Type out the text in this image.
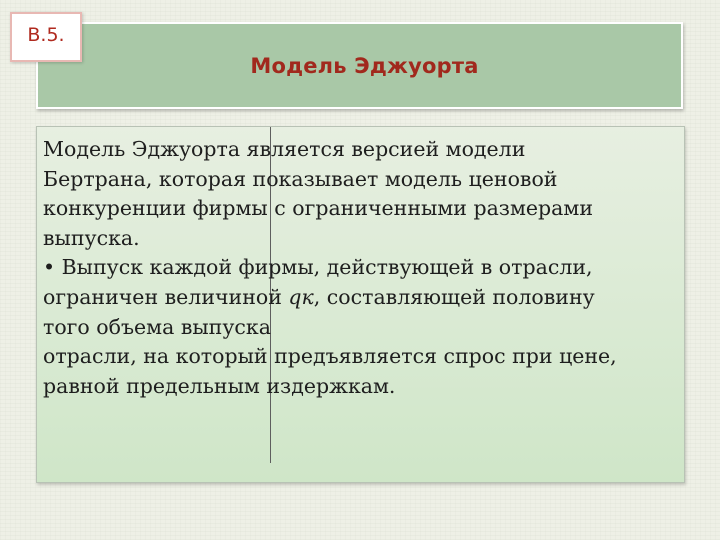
Модель Эджуорта
В.5.
Модель Эджуорта является версией модели
Бертрана, которая показывает модель ценовой
конкуренции фирмы с ограниченными размерами
выпуска.
• Выпуск каждой фирмы, действующей в отрасли,
ограничен величиной qк, составляющей половину
того объема выпуска
отрасли, на который предъявляется спрос при цене,
равной предельным издержкам.
